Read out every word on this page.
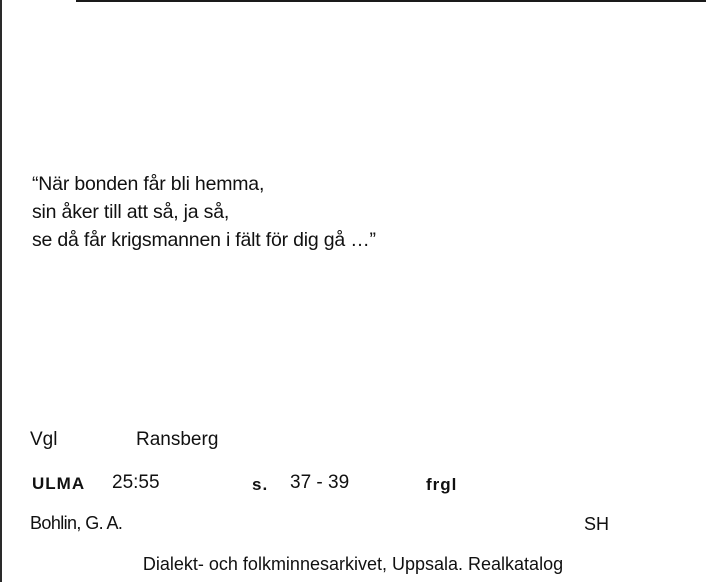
“När bonden får bli hemma,
sin åker till att så, ja så,
se då får krigsmannen i fält för dig gå …”
Vgl	Ransberg
ULMA 25:55	s. 37 - 39	frgl
Bohlin, G. A.	SH
Dialekt- och folkminnesarkivet, Uppsala. Realkatalog
